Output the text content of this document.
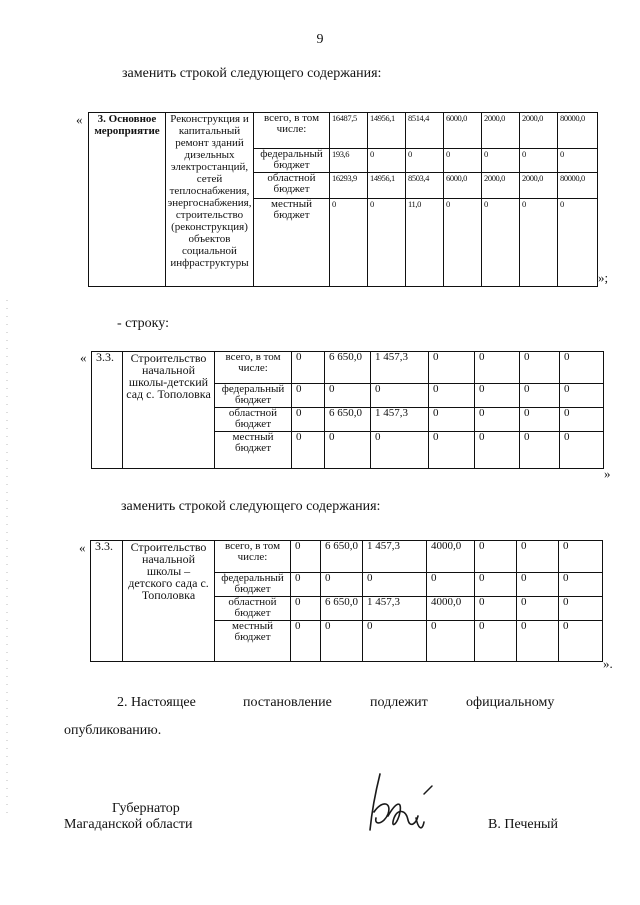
9
заменить строкой следующего содержания:
« 3. Основное мероприятие	Реконструкция и капитальный ремонт зданий дизельных электростанций, сетей теплоснабжения, энергоснабжения, строительство (реконструкция) объектов социальной инфраструктуры	всего, в том числе:	16487,5	14956,1	8514,4	6000,0	2000,0	2000,0	80000,0
		федеральный бюджет	193,6	0	0	0	0	0	0
		областной бюджет	16293,9	14956,1	8503,4	6000,0	2000,0	2000,0	80000,0
		местный бюджет	0	0	11,0	0	0	0	0
»;
- строку:
« 3.3.	Строительство начальной школы-детский сад с. Тополовка	всего, в том числе:	0	6 650,0	1 457,3	0	0	0	0
		федеральный бюджет	0	0	0	0	0	0	0
		областной бюджет	0	6 650,0	1 457,3	0	0	0	0
		местный бюджет	0	0	0	0	0	0	0
»
заменить строкой следующего содержания:
« 3.3.	Строительство начальной школы – детского сада с. Тополовка	всего, в том числе:	0	6 650,0	1 457,3	4000,0	0	0	0
		федеральный бюджет	0	0	0	0	0	0	0
		областной бюджет	0	6 650,0	1 457,3	4000,0	0	0	0
		местный бюджет	0	0	0	0	0	0	0
».
2. Настоящее	постановление	подлежит	официальному
опубликованию.
Губернатор
Магаданской области	В. Печеный
